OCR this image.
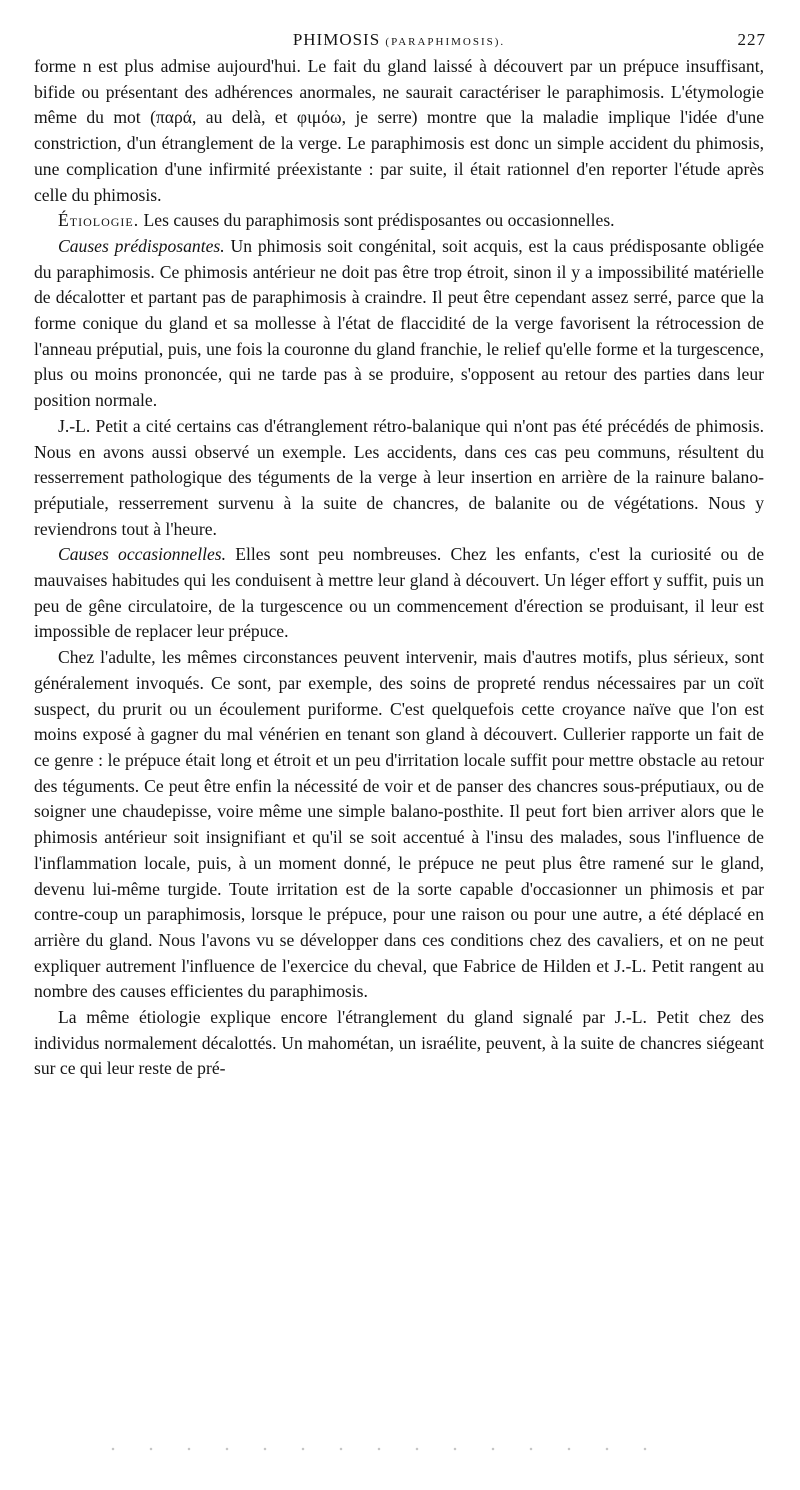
PHIMOSIS (PARAPHIMOSIS).	227

forme n est plus admise aujourd'hui. Le fait du gland laissé à découvert par un prépuce insuffisant, bifide ou présentant des adhérences anormales, ne saurait caractériser le paraphimosis. L'étymologie même du mot (παρά, au delà, et φιμόω, je serre) montre que la maladie implique l'idée d'une constriction, d'un étranglement de la verge. Le paraphimosis est donc un simple accident du phimosis, une complication d'une infirmité préexistante : par suite, il était rationnel d'en reporter l'étude après celle du phimosis.

Étiologie. Les causes du paraphimosis sont prédisposantes ou occasionnelles.

Causes prédisposantes. Un phimosis soit congénital, soit acquis, est la caus prédisposante obligée du paraphimosis. Ce phimosis antérieur ne doit pas être trop étroit, sinon il y a impossibilité matérielle de décalotter et partant pas de paraphimosis à craindre. Il peut être cependant assez serré, parce que la forme conique du gland et sa mollesse à l'état de flaccidité de la verge favorisent la rétrocession de l'anneau préputial, puis, une fois la couronne du gland franchie, le relief qu'elle forme et la turgescence, plus ou moins prononcée, qui ne tarde pas à se produire, s'opposent au retour des parties dans leur position normale.

J.-L. Petit a cité certains cas d'étranglement rétro-balanique qui n'ont pas été précédés de phimosis. Nous en avons aussi observé un exemple. Les accidents, dans ces cas peu communs, résultent du resserrement pathologique des téguments de la verge à leur insertion en arrière de la rainure balano-préputiale, resserrement survenu à la suite de chancres, de balanite ou de végétations. Nous y reviendrons tout à l'heure.

Causes occasionnelles. Elles sont peu nombreuses. Chez les enfants, c'est la curiosité ou de mauvaises habitudes qui les conduisent à mettre leur gland à découvert. Un léger effort y suffit, puis un peu de gêne circulatoire, de la turgescence ou un commencement d'érection se produisant, il leur est impossible de replacer leur prépuce.

Chez l'adulte, les mêmes circonstances peuvent intervenir, mais d'autres motifs, plus sérieux, sont généralement invoqués. Ce sont, par exemple, des soins de propreté rendus nécessaires par un coït suspect, du prurit ou un écoulement puriforme. C'est quelquefois cette croyance naïve que l'on est moins exposé à gagner du mal vénérien en tenant son gland à découvert. Cullerier rapporte un fait de ce genre : le prépuce était long et étroit et un peu d'irritation locale suffit pour mettre obstacle au retour des téguments. Ce peut être enfin la nécessité de voir et de panser des chancres sous-préputiaux, ou de soigner une chaudepisse, voire même une simple balano-posthite. Il peut fort bien arriver alors que le phimosis antérieur soit insignifiant et qu'il se soit accentué à l'insu des malades, sous l'influence de l'inflammation locale, puis, à un moment donné, le prépuce ne peut plus être ramené sur le gland, devenu lui-même turgide. Toute irritation est de la sorte capable d'occasionner un phimosis et par contre-coup un paraphimosis, lorsque le prépuce, pour une raison ou pour une autre, a été déplacé en arrière du gland. Nous l'avons vu se développer dans ces conditions chez des cavaliers, et on ne peut expliquer autrement l'influence de l'exercice du cheval, que Fabrice de Hilden et J.-L. Petit rangent au nombre des causes efficientes du paraphimosis.

La même étiologie explique encore l'étranglement du gland signalé par J.-L. Petit chez des individus normalement décalottés. Un mahométan, un israélite, peuvent, à la suite de chancres siégeant sur ce qui leur reste de pré-
